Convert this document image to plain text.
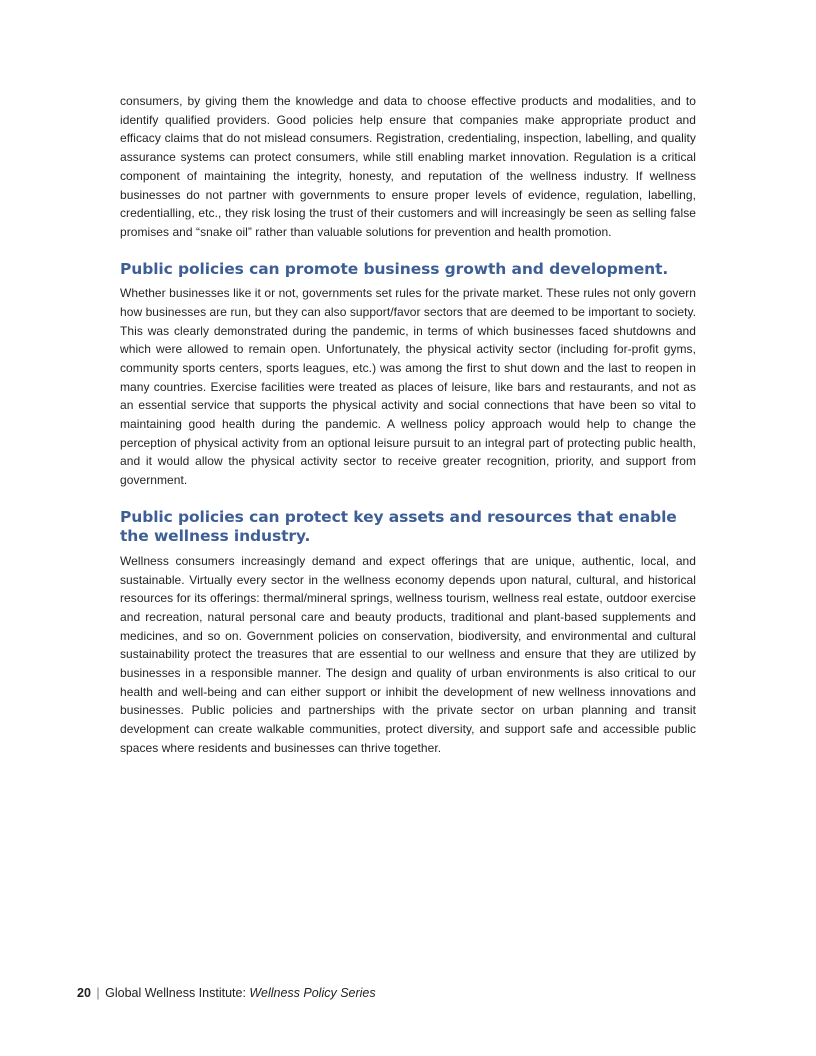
consumers, by giving them the knowledge and data to choose effective products and modalities, and to identify qualified providers. Good policies help ensure that companies make appropriate product and efficacy claims that do not mislead consumers. Registration, credentialing, inspection, labelling, and quality assurance systems can protect consumers, while still enabling market innovation. Regulation is a critical component of maintaining the integrity, honesty, and reputation of the wellness industry. If wellness businesses do not partner with governments to ensure proper levels of evidence, regulation, labelling, credentialling, etc., they risk losing the trust of their customers and will increasingly be seen as selling false promises and “snake oil” rather than valuable solutions for prevention and health promotion.

Public policies can promote business growth and development.

Whether businesses like it or not, governments set rules for the private market. These rules not only govern how businesses are run, but they can also support/favor sectors that are deemed to be important to society. This was clearly demonstrated during the pandemic, in terms of which businesses faced shutdowns and which were allowed to remain open. Unfortunately, the physical activity sector (including for-profit gyms, community sports centers, sports leagues, etc.) was among the first to shut down and the last to reopen in many countries. Exercise facilities were treated as places of leisure, like bars and restaurants, and not as an essential service that supports the physical activity and social connections that have been so vital to maintaining good health during the pandemic. A wellness policy approach would help to change the perception of physical activity from an optional leisure pursuit to an integral part of protecting public health, and it would allow the physical activity sector to receive greater recognition, priority, and support from government.

Public policies can protect key assets and resources that enable the wellness industry.

Wellness consumers increasingly demand and expect offerings that are unique, authentic, local, and sustainable. Virtually every sector in the wellness economy depends upon natural, cultural, and historical resources for its offerings: thermal/mineral springs, wellness tourism, wellness real estate, outdoor exercise and recreation, natural personal care and beauty products, traditional and plant-based supplements and medicines, and so on. Government policies on conservation, biodiversity, and environmental and cultural sustainability protect the treasures that are essential to our wellness and ensure that they are utilized by businesses in a responsible manner. The design and quality of urban environments is also critical to our health and well-being and can either support or inhibit the development of new wellness innovations and businesses. Public policies and partnerships with the private sector on urban planning and transit development can create walkable communities, protect diversity, and support safe and accessible public spaces where residents and businesses can thrive together.

20 | Global Wellness Institute: Wellness Policy Series
